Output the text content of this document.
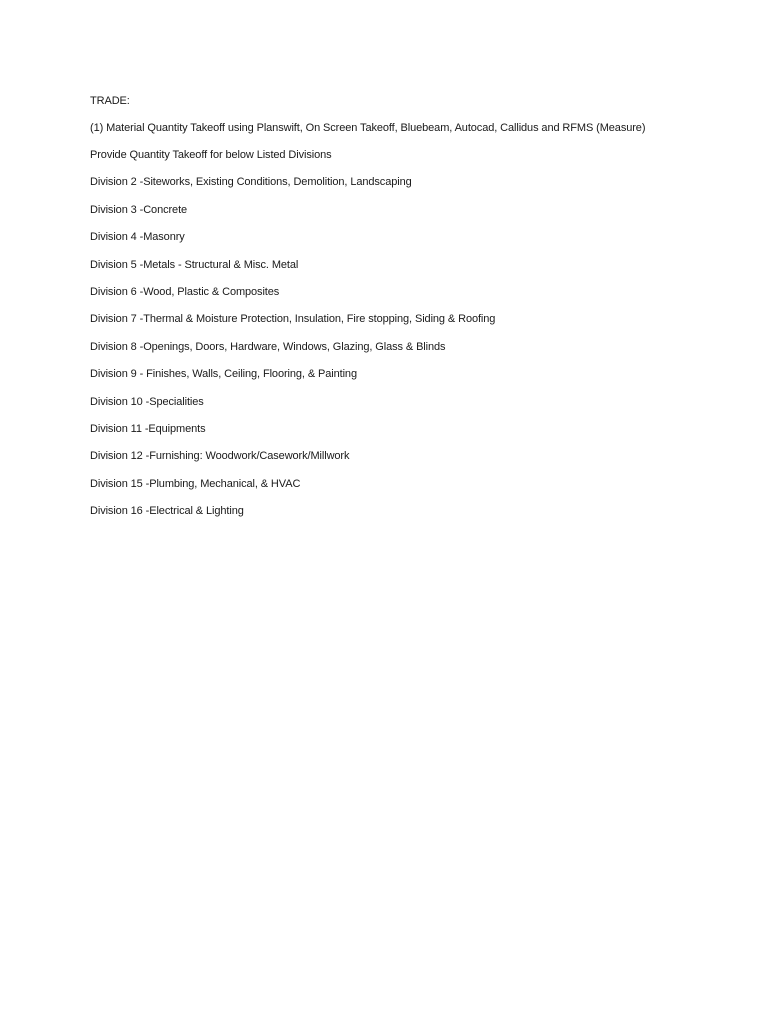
TRADE:

(1) Material Quantity Takeoff using Planswift, On Screen Takeoff, Bluebeam, Autocad, Callidus and RFMS (Measure)

Provide Quantity Takeoff for below Listed Divisions

Division 2 -Siteworks, Existing Conditions, Demolition, Landscaping

Division 3 -Concrete

Division 4 -Masonry

Division 5 -Metals - Structural & Misc. Metal

Division 6 -Wood, Plastic & Composites

Division 7 -Thermal & Moisture Protection, Insulation, Fire stopping, Siding & Roofing

Division 8 -Openings, Doors, Hardware, Windows, Glazing, Glass & Blinds

Division 9 - Finishes, Walls, Ceiling, Flooring, & Painting

Division 10 -Specialities

Division 11 -Equipments

Division 12 -Furnishing: Woodwork/Casework/Millwork

Division 15 -Plumbing, Mechanical, & HVAC

Division 16 -Electrical & Lighting
